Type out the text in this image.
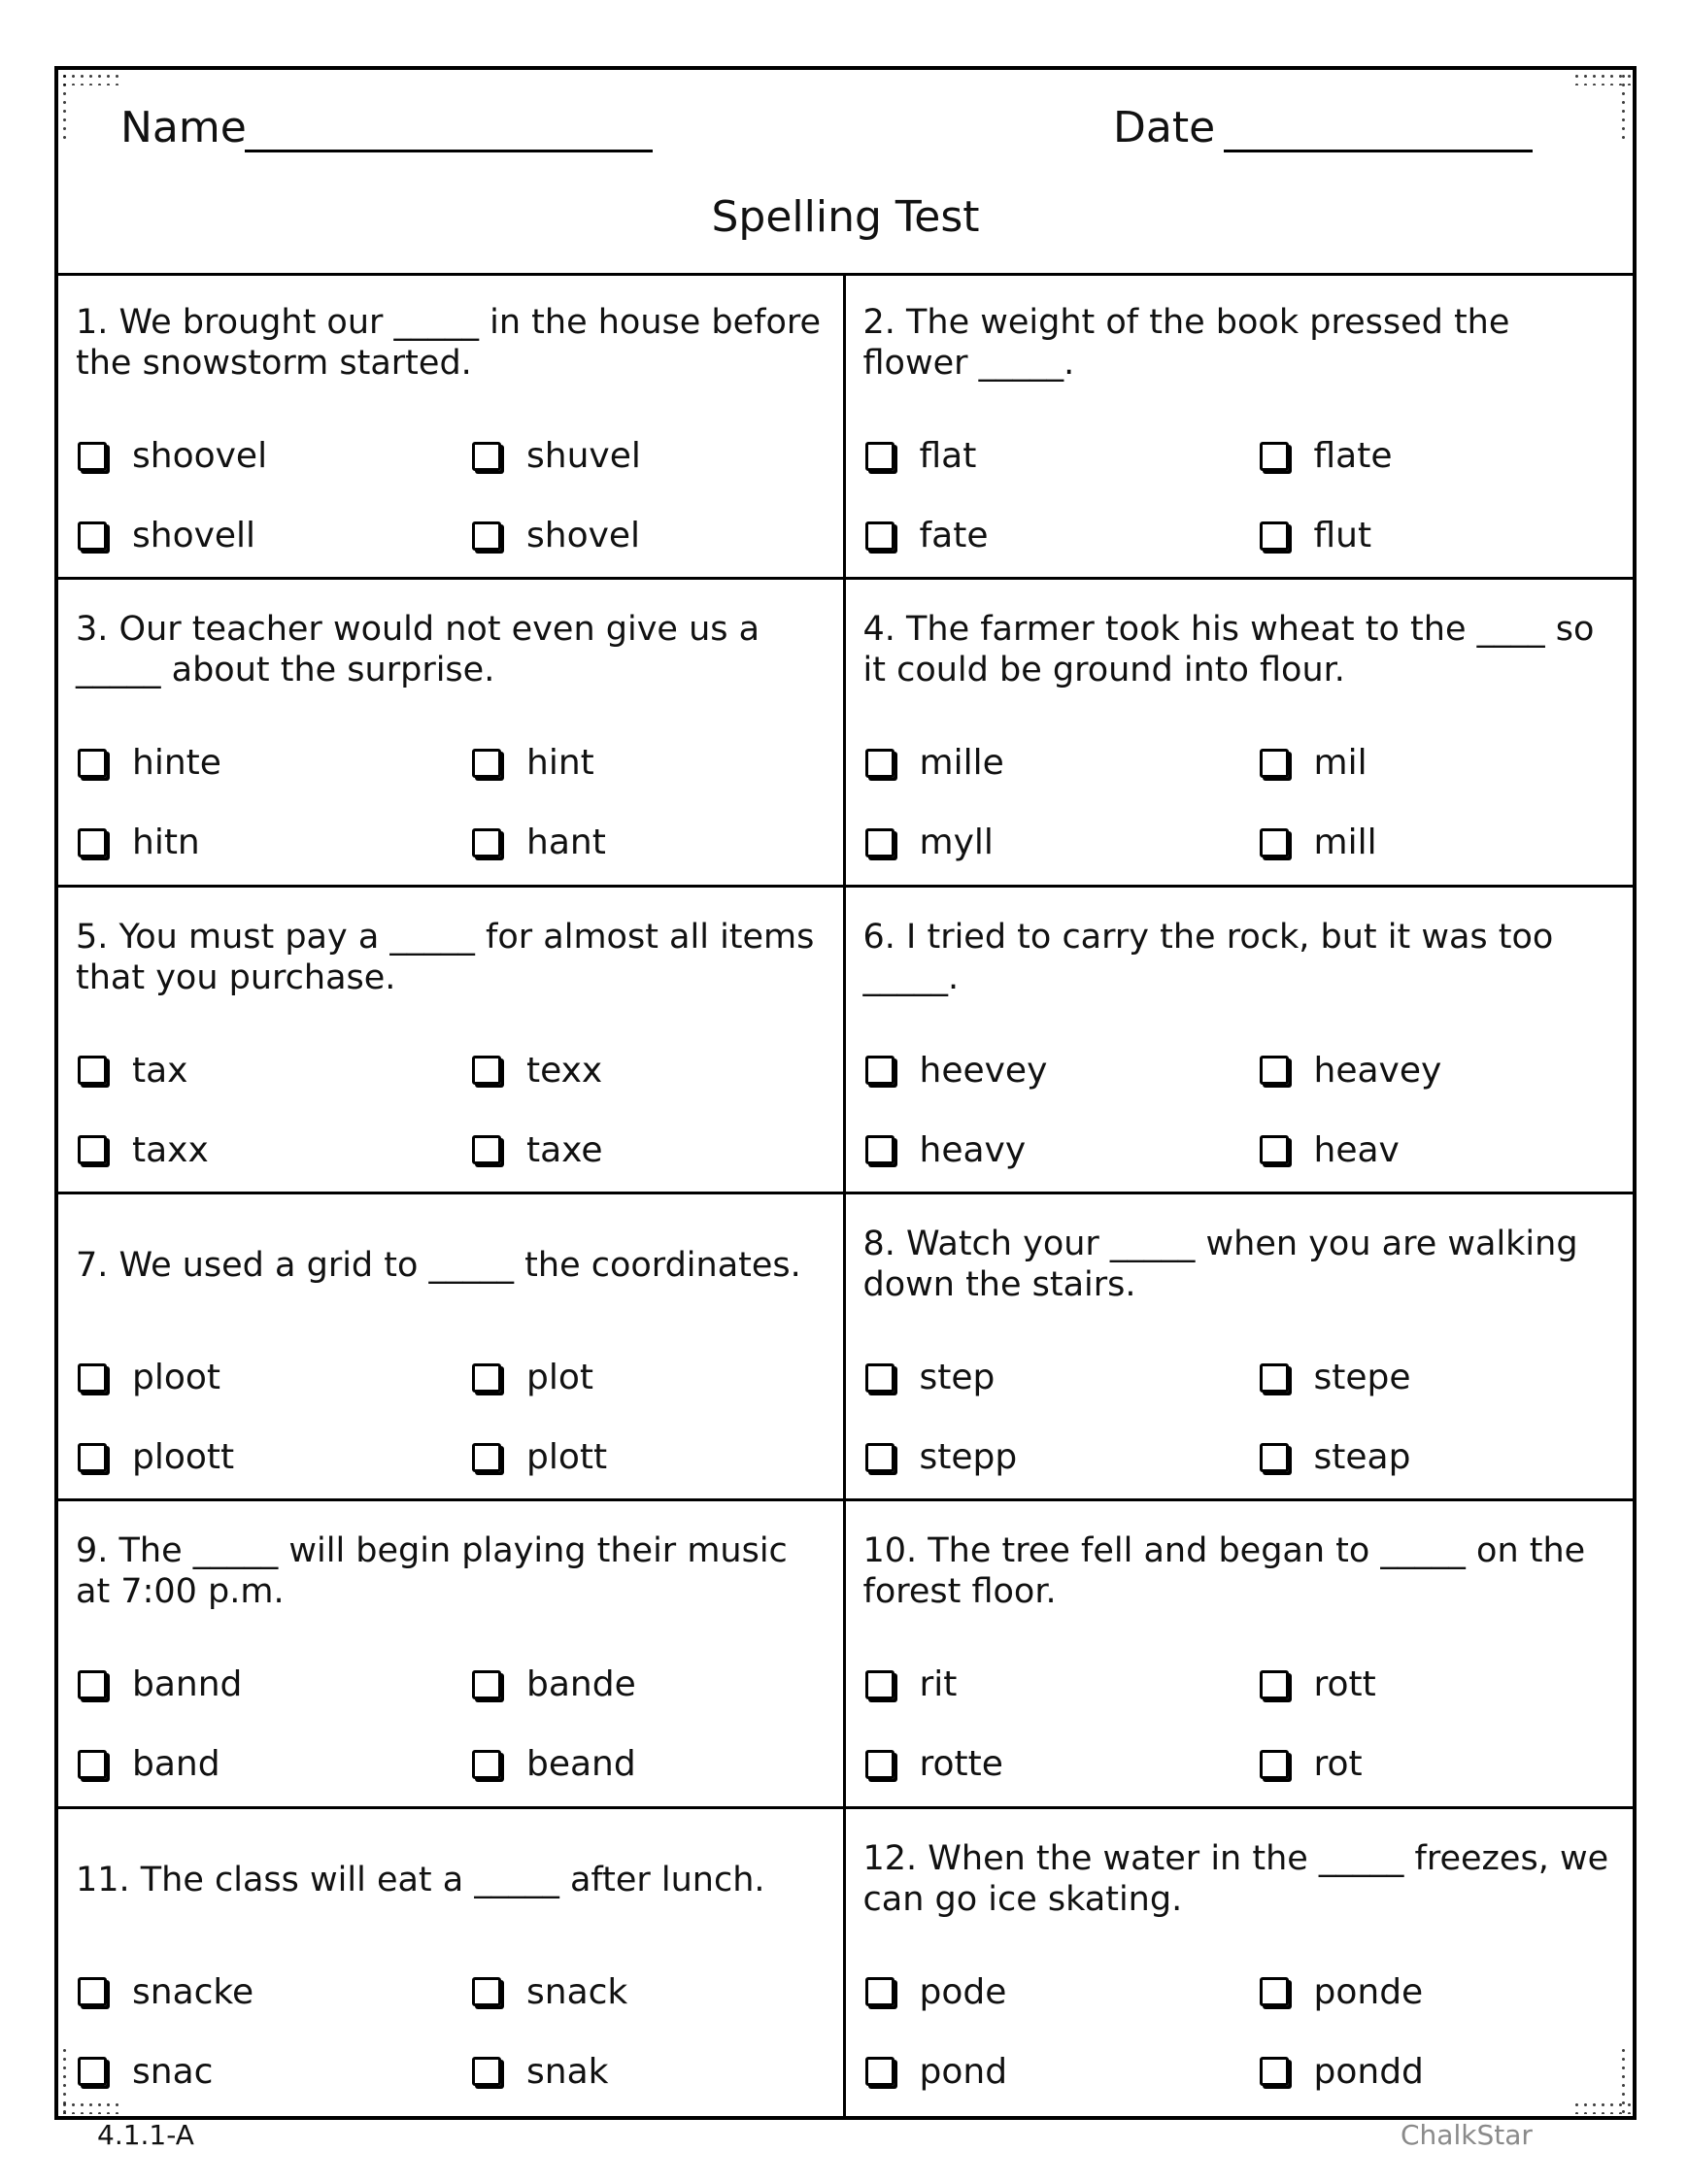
Name	Date
Spelling Test
1. We brought our _____ in the house before the snowstorm started.
shoovel	shuvel
shovell	shovel
2. The weight of the book pressed the flower _____.
flat	flate
fate	flut
3. Our teacher would not even give us a _____ about the surprise.
hinte	hint
hitn	hant
4. The farmer took his wheat to the ____ so it could be ground into flour.
mille	mil
myll	mill
5. You must pay a _____ for almost all items that you purchase.
tax	texx
taxx	taxe
6. I tried to carry the rock, but it was too _____.
heevey	heavey
heavy	heav
7. We used a grid to _____ the coordinates.
ploot	plot
ploott	plott
8. Watch your _____ when you are walking down the stairs.
step	stepe
stepp	steap
9. The _____ will begin playing their music at 7:00 p.m.
bannd	bande
band	beand
10. The tree fell and began to _____ on the forest floor.
rit	rott
rotte	rot
11. The class will eat a _____ after lunch.
snacke	snack
snac	snak
12. When the water in the _____ freezes, we can go ice skating.
pode	ponde
pond	pondd
4.1.1-A	ChalkStar
